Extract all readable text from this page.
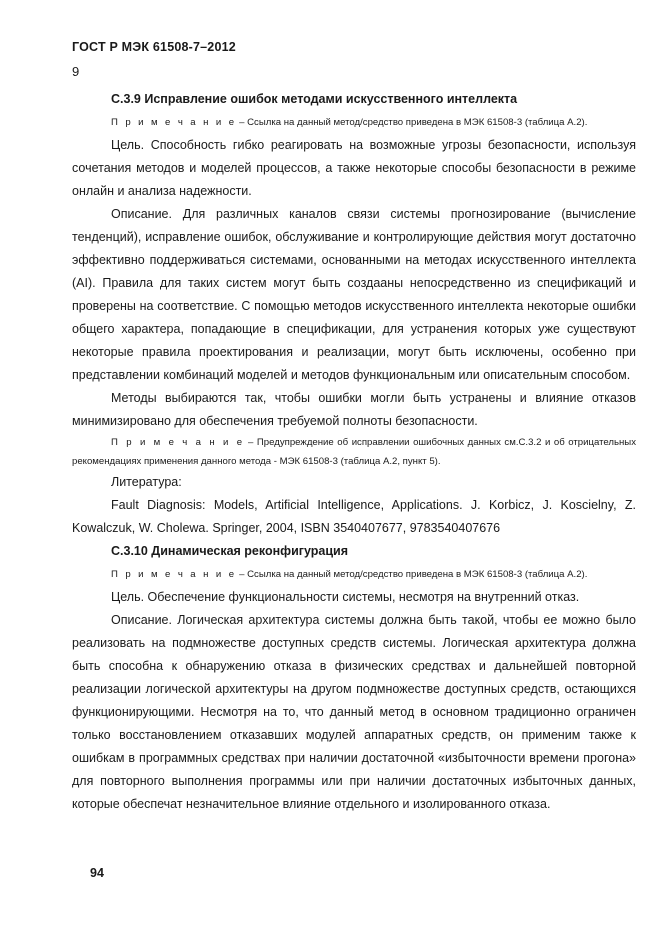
ГОСТ Р МЭК 61508-7–2012
9

С.3.9 Исправление ошибок методами искусственного интеллекта

П р и м е ч а н и е – Ссылка на данный метод/средство приведена в МЭК 61508-3 (таблица А.2).

Цель. Способность гибко реагировать на возможные угрозы безопасности, используя сочетания методов и моделей процессов, а также некоторые способы безопасности в режиме онлайн и анализа надежности.

Описание. Для различных каналов связи системы прогнозирование (вычисление тенденций), исправление ошибок, обслуживание и контролирующие действия могут достаточно эффективно поддерживаться системами, основанными на методах искусственного интеллекта (AI). Правила для таких систем могут быть создааны непосредственно из спецификаций и проверены на соответствие. С помощью методов искусственного интеллекта некоторые ошибки общего характера, попадающие в спецификации, для устранения которых уже существуют некоторые правила проектирования и реализации, могут быть исключены, особенно при представлении комбинаций моделей и методов функциональным или описательным способом.

Методы выбираются так, чтобы ошибки могли быть устранены и влияние отказов минимизировано для обеспечения требуемой полноты безопасности.

П р и м е ч а н и е – Предупреждение об исправлении ошибочных данных см.С.3.2 и об отрицательных рекомендациях применения данного метода - МЭК 61508-3 (таблица А.2, пункт 5).

Литература:

Fault Diagnosis: Models, Artificial Intelligence, Applications. J. Korbicz, J. Koscielny, Z. Kowalczuk, W. Cholewa. Springer, 2004, ISBN 3540407677, 9783540407676

С.3.10 Динамическая реконфигурация

П р и м е ч а н и е – Ссылка на данный метод/средство приведена в МЭК 61508-3 (таблица А.2).

Цель. Обеспечение функциональности системы, несмотря на внутренний отказ.

Описание. Логическая архитектура системы должна быть такой, чтобы ее можно было реализовать на подмножестве доступных средств системы. Логическая архитектура должна быть способна к обнаружению отказа в физических средствах и дальнейшей повторной реализации логической архитектуры на другом подмножестве доступных средств, остающихся функционирующими. Несмотря на то, что данный метод в основном традиционно ограничен только восстановлением отказавших модулей аппаратных средств, он применим также к ошибкам в программных средствах при наличии достаточной «избыточности времени прогона» для повторного выполнения программы или при наличии достаточных избыточных данных, которые обеспечат незначительное влияние отдельного и изолированного отказа.

94
